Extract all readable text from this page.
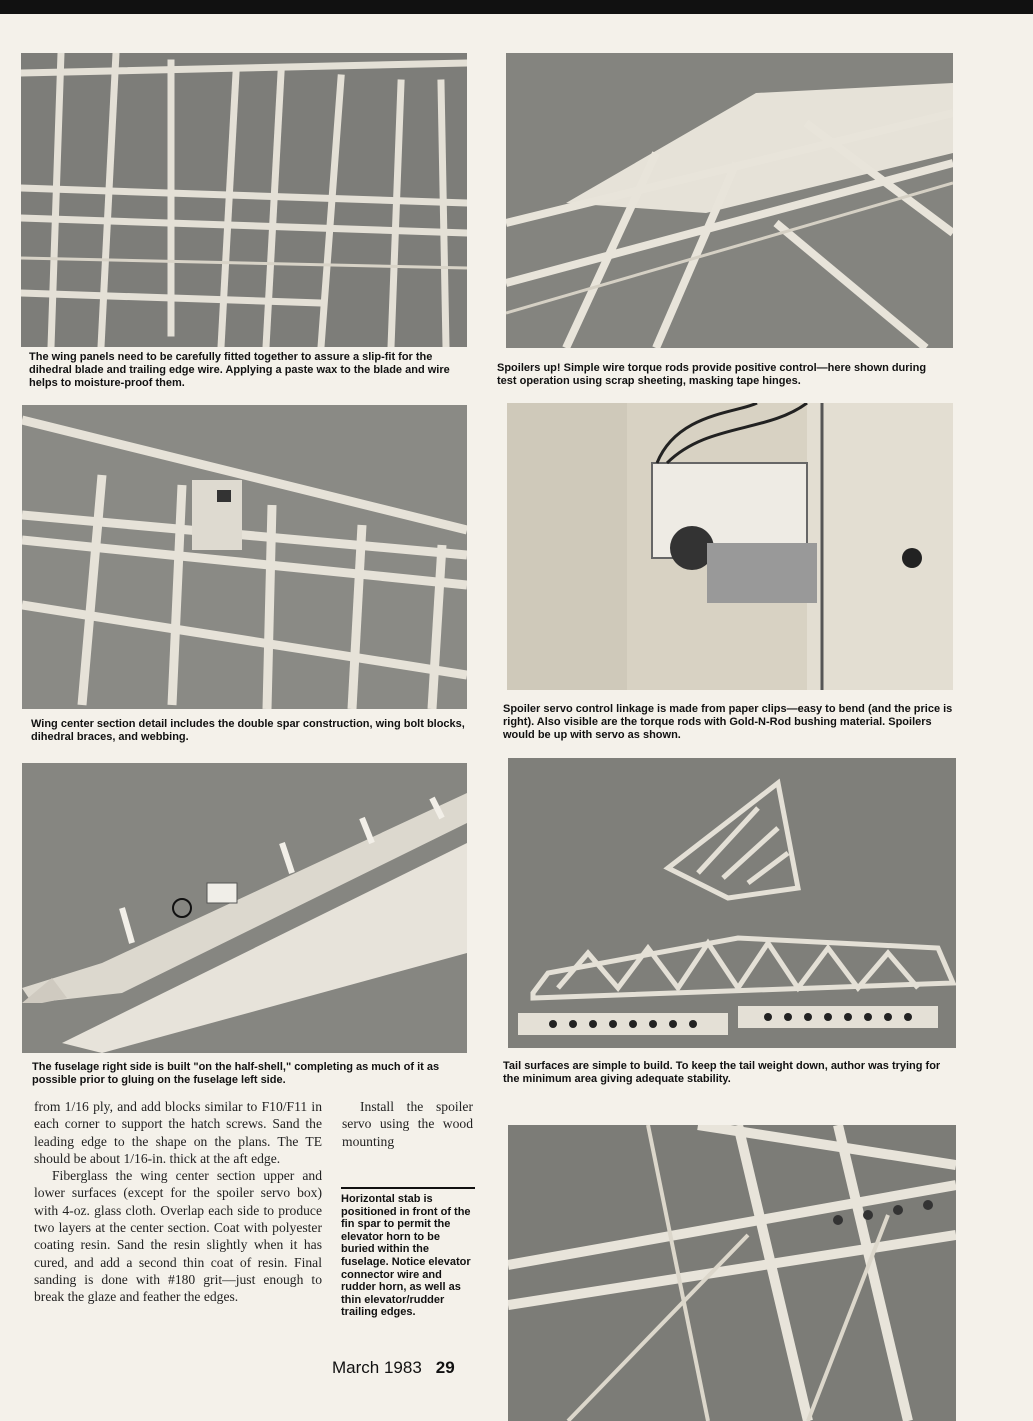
The wing panels need to be carefully fitted together to assure a slip-fit for the dihedral blade and trailing edge wire. Applying a paste wax to the blade and wire helps to moisture-proof them.
Spoilers up! Simple wire torque rods provide positive control—here shown during test operation using scrap sheeting, masking tape hinges.
Wing center section detail includes the double spar construction, wing bolt blocks, dihedral braces, and webbing.
Spoiler servo control linkage is made from paper clips—easy to bend (and the price is right). Also visible are the torque rods with Gold-N-Rod bushing material. Spoilers would be up with servo as shown.
The fuselage right side is built "on the half-shell," completing as much of it as possible prior to gluing on the fuselage left side.
Tail surfaces are simple to build. To keep the tail weight down, author was trying for the minimum area giving adequate stability.

from 1/16 ply, and add blocks similar to F10/F11 in each corner to support the hatch screws. Sand the leading edge to the shape on the plans. The TE should be about 1/16-in. thick at the aft edge.

Fiberglass the wing center section upper and lower surfaces (except for the spoiler servo box) with 4-oz. glass cloth. Overlap each side to produce two layers at the center section. Coat with polyester coating resin. Sand the resin slightly when it has cured, and add a second thin coat of resin. Final sanding is done with #180 grit—just enough to break the glaze and feather the edges.

Install the spoiler servo using the wood mounting

Horizontal stab is positioned in front of the fin spar to permit the elevator horn to be buried within the fuselage. Notice elevator connector wire and rudder horn, as well as thin elevator/rudder trailing edges.
March 1983 29
